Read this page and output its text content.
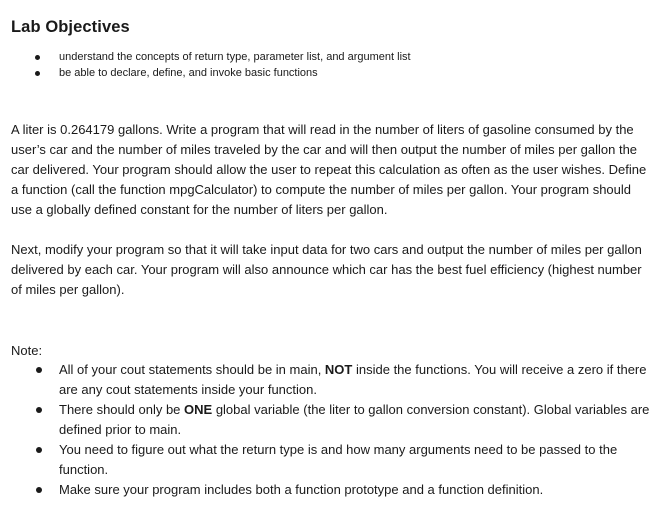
Lab Objectives
understand the concepts of return type, parameter list, and argument list
be able to declare, define, and invoke basic functions

A liter is 0.264179 gallons. Write a program that will read in the number of liters of gasoline consumed by the user’s car and the number of miles traveled by the car and will then output the number of miles per gallon the car delivered. Your program should allow the user to repeat this calculation as often as the user wishes. Define a function (call the function mpgCalculator) to compute the number of miles per gallon. Your program should use a globally defined constant for the number of liters per gallon.

Next, modify your program so that it will take input data for two cars and output the number of miles per gallon delivered by each car. Your program will also announce which car has the best fuel efficiency (highest number of miles per gallon).

Note:

All of your cout statements should be in main, NOT inside the functions. You will receive a zero if there are any cout statements inside your function.
There should only be ONE global variable (the liter to gallon conversion constant). Global variables are defined prior to main.
You need to figure out what the return type is and how many arguments need to be passed to the function.
Make sure your program includes both a function prototype and a function definition.
